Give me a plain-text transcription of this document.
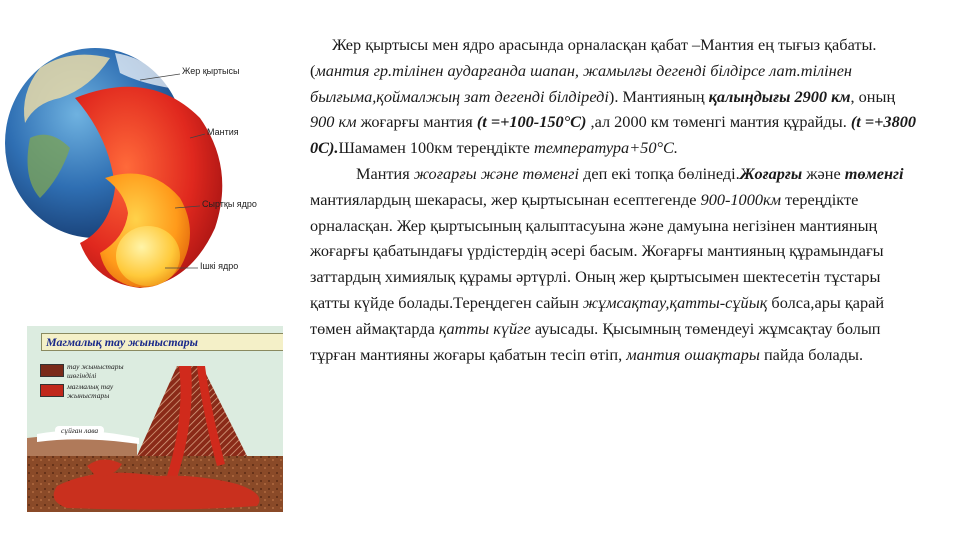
Жер қыртысы
Мантия
Сыртқы ядро
Ішкі ядро
Магмалық тау жыныстары
тау жыныстары
шөгінділі
магмалық тау
жыныстары
сұйған лава

Жер қыртысы мен ядро арасында орналасқан қабат –Мантия ең тығыз қабаты.(мантия гр.тілінен аударғанда шапан, жамылғы дегенді білдірсе лат.тілінен былғыма,қоймалжың зат дегенді білдіреді). Мантияның қалыңдығы 2900 км, оның 900 км жоғарғы мантия (t =+100-150°C) ,ал 2000 км төменгі мантия құрайды. (t =+3800 0C).Шамамен 100км тереңдікте температура+50°C.

Мантия жоғарғы және төменгі деп екі топқа бөлінеді.Жоғарғы және төменгі мантиялардың шекарасы, жер қыртысынан есептегенде 900-1000км тереңдікте орналасқан. Жер қыртысының қалыптасуына және дамуына негізінен мантияның жоғарғы қабатындағы үрдістердің әсері басым. Жоғарғы мантияның құрамындағы заттардың химиялық құрамы әртүрлі. Оның жер қыртысымен шектесетін тұстары қатты күйде болады.Тереңдеген сайын жұмсақтау,қатты-сұйық болса,ары қарай төмен аймақтарда қатты күйге ауысады. Қысымның төмендеуі жұмсақтау болып тұрған мантияны жоғары қабатын тесіп өтіп, мантия ошақтары пайда болады.
